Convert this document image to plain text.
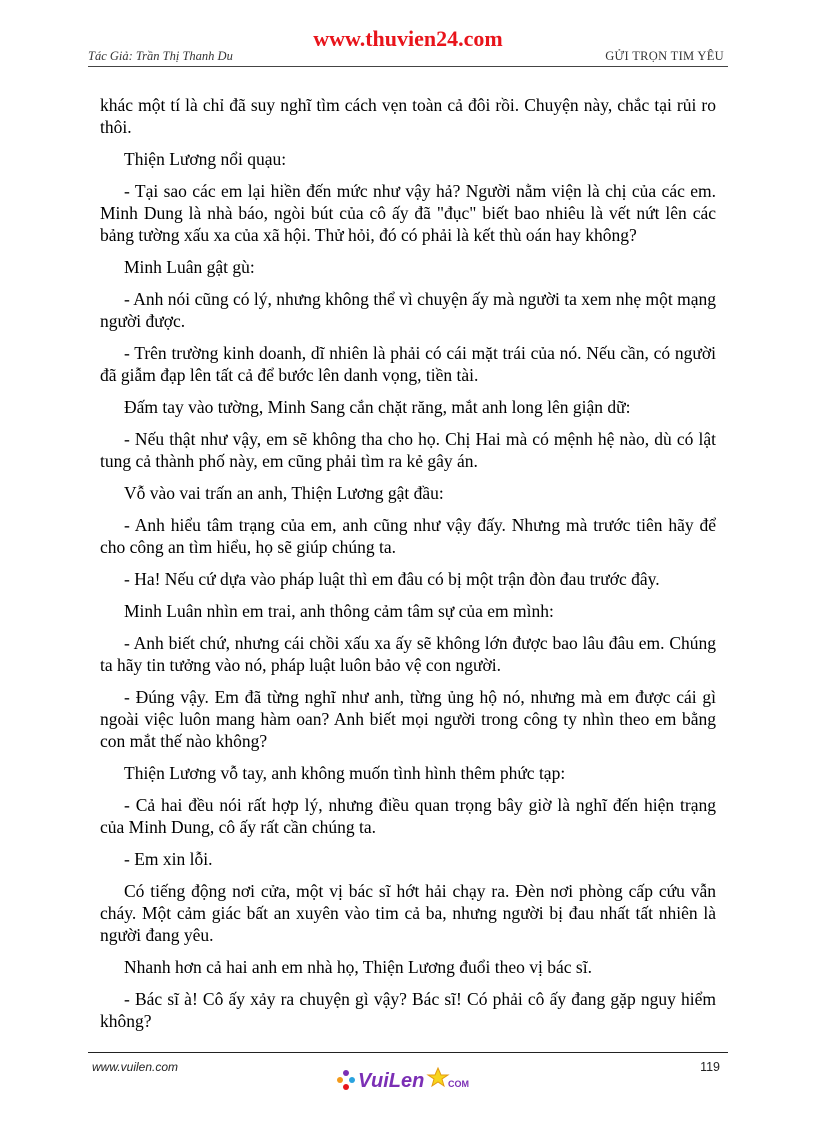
www.thuvien24.com
Tác Giả: Trần Thị Thanh Du	GỬI TRỌN TIM YÊU

khác một tí là chỉ đã suy nghĩ tìm cách vẹn toàn cả đôi rồi. Chuyện này, chắc tại rủi ro thôi.

Thiện Lương nổi quạu:

- Tại sao các em lại hiền đến mức như vậy hả? Người nằm viện là chị của các em. Minh Dung là nhà báo, ngòi bút của cô ấy đã "đục" biết bao nhiêu là vết nứt lên các bảng tường xấu xa của xã hội. Thử hỏi, đó có phải là kết thù oán hay không?

Minh Luân gật gù:

- Anh nói cũng có lý, nhưng không thể vì chuyện ấy mà người ta xem nhẹ một mạng người được.

- Trên trường kinh doanh, dĩ nhiên là phải có cái mặt trái của nó. Nếu cần, có người đã giẫm đạp lên tất cả để bước lên danh vọng, tiền tài.

Đấm tay vào tường, Minh Sang cắn chặt răng, mắt anh long lên giận dữ:

- Nếu thật như vậy, em sẽ không tha cho họ. Chị Hai mà có mệnh hệ nào, dù có lật tung cả thành phố này, em cũng phải tìm ra kẻ gây án.

Vỗ vào vai trấn an anh, Thiện Lương gật đầu:

- Anh hiểu tâm trạng của em, anh cũng như vậy đấy. Nhưng mà trước tiên hãy để cho công an tìm hiểu, họ sẽ giúp chúng ta.

- Ha! Nếu cứ dựa vào pháp luật thì em đâu có bị một trận đòn đau trước đây.

Minh Luân nhìn em trai, anh thông cảm tâm sự của em mình:

- Anh biết chứ, nhưng cái chồi xấu xa ấy sẽ không lớn được bao lâu đâu em. Chúng ta hãy tin tưởng vào nó, pháp luật luôn bảo vệ con người.

- Đúng vậy. Em đã từng nghĩ như anh, từng ủng hộ nó, nhưng mà em được cái gì ngoài việc luôn mang hàm oan? Anh biết mọi người trong công ty nhìn theo em bằng con mắt thế nào không?

Thiện Lương vỗ tay, anh không muốn tình hình thêm phức tạp:

- Cả hai đều nói rất hợp lý, nhưng điều quan trọng bây giờ là nghĩ đến hiện trạng của Minh Dung, cô ấy rất cần chúng ta.

- Em xin lỗi.

Có tiếng động nơi cửa, một vị bác sĩ hớt hải chạy ra. Đèn nơi phòng cấp cứu vẫn cháy. Một cảm giác bất an xuyên vào tim cả ba, nhưng người bị đau nhất tất nhiên là người đang yêu.

Nhanh hơn cả hai anh em nhà họ, Thiện Lương đuổi theo vị bác sĩ.

- Bác sĩ à! Cô ấy xảy ra chuyện gì vậy? Bác sĩ! Có phải cô ấy đang gặp nguy hiểm không?

www.vuilen.com	119
VuiLen	COM
